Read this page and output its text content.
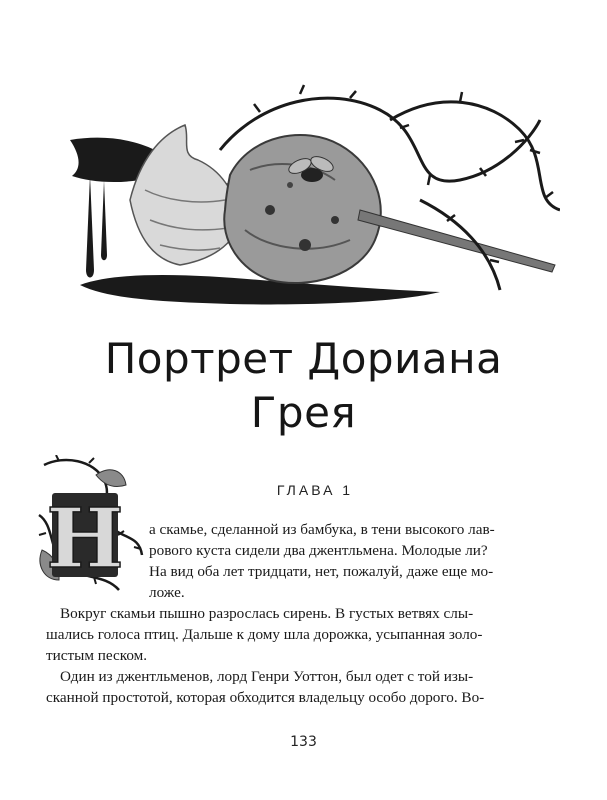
Портрет Дориана
Грея
ГЛАВА 1
Н а скамье, сделанной из бамбука, в тени высокого лав-
рового куста сидели два джентльмена. Молодые ли?
На вид оба лет тридцати, нет, пожалуй, даже еще мо-
ложе.
Вокруг скамьи пышно разрослась сирень. В густых ветвях слы-
шались голоса птиц. Дальше к дому шла дорожка, усыпанная золо-
тистым песком.
Один из джентльменов, лорд Генри Уоттон, был одет с той изы-
сканной простотой, которая обходится владельцу особо дорого. Во-
133
